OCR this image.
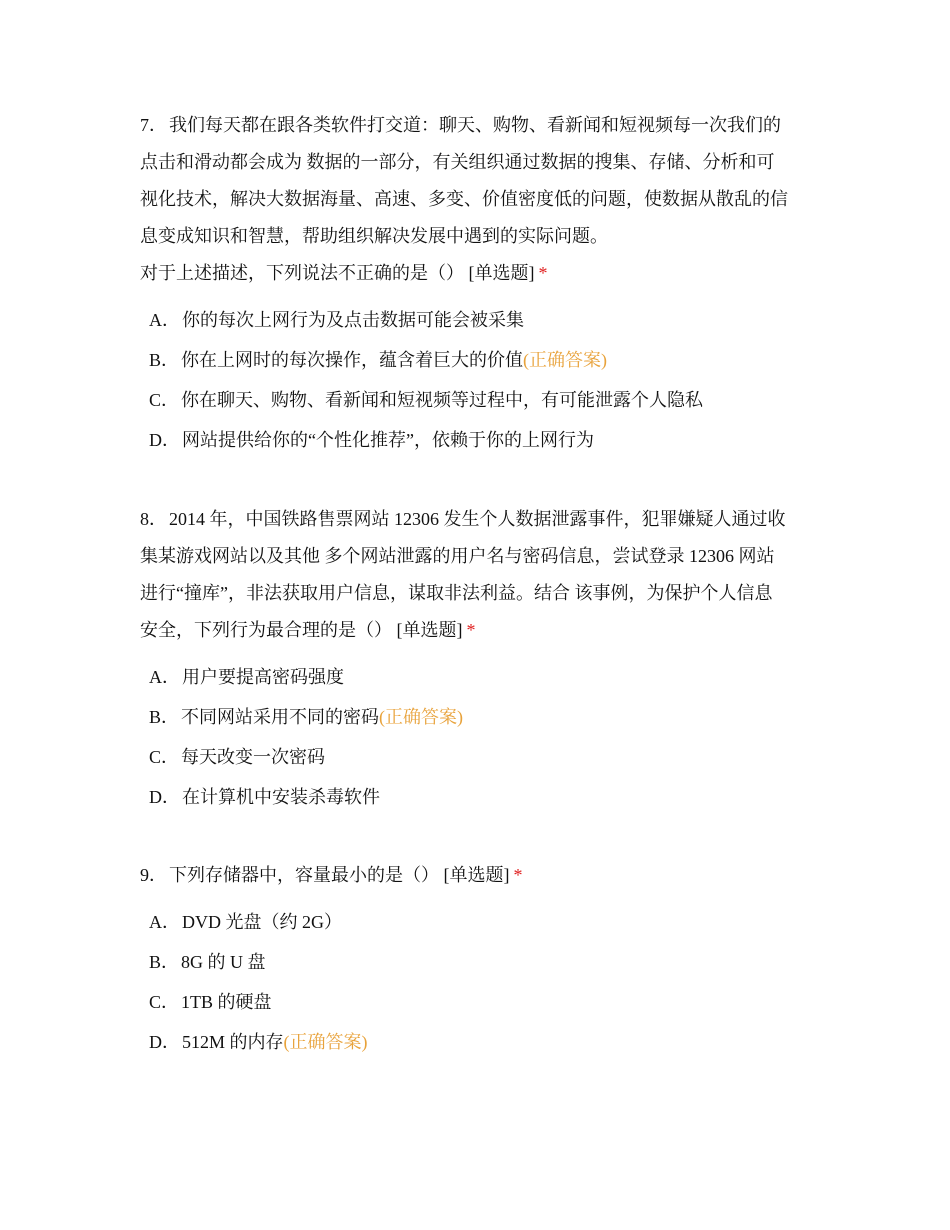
7． 我们每天都在跟各类软件打交道：聊天、购物、看新闻和短视频每一次我们的
点击和滑动都会成为 数据的一部分，有关组织通过数据的搜集、存储、分析和可
视化技术，解决大数据海量、高速、多变、价值密度低的问题，使数据从散乱的信
息变成知识和智慧，帮助组织解决发展中遇到的实际问题。
对于上述描述，下列说法不正确的是（） [单选题] *

A． 你的每次上网行为及点击数据可能会被采集
B． 你在上网时的每次操作，蕴含着巨大的价值(正确答案)
C． 你在聊天、购物、看新闻和短视频等过程中，有可能泄露个人隐私
D． 网站提供给你的“个性化推荐”，依赖于你的上网行为

8． 2014 年，中国铁路售票网站 12306 发生个人数据泄露事件，犯罪嫌疑人通过收
集某游戏网站以及其他 多个网站泄露的用户名与密码信息，尝试登录 12306 网站
进行“撞库”，非法获取用户信息，谋取非法利益。结合 该事例，为保护个人信息
安全，下列行为最合理的是（） [单选题] *

A． 用户要提高密码强度
B． 不同网站采用不同的密码(正确答案)
C． 每天改变一次密码
D． 在计算机中安装杀毒软件

9． 下列存储器中，容量最小的是（） [单选题] *

A． DVD 光盘（约 2G）
B． 8G 的 U 盘
C． 1TB 的硬盘
D． 512M 的内存(正确答案)
